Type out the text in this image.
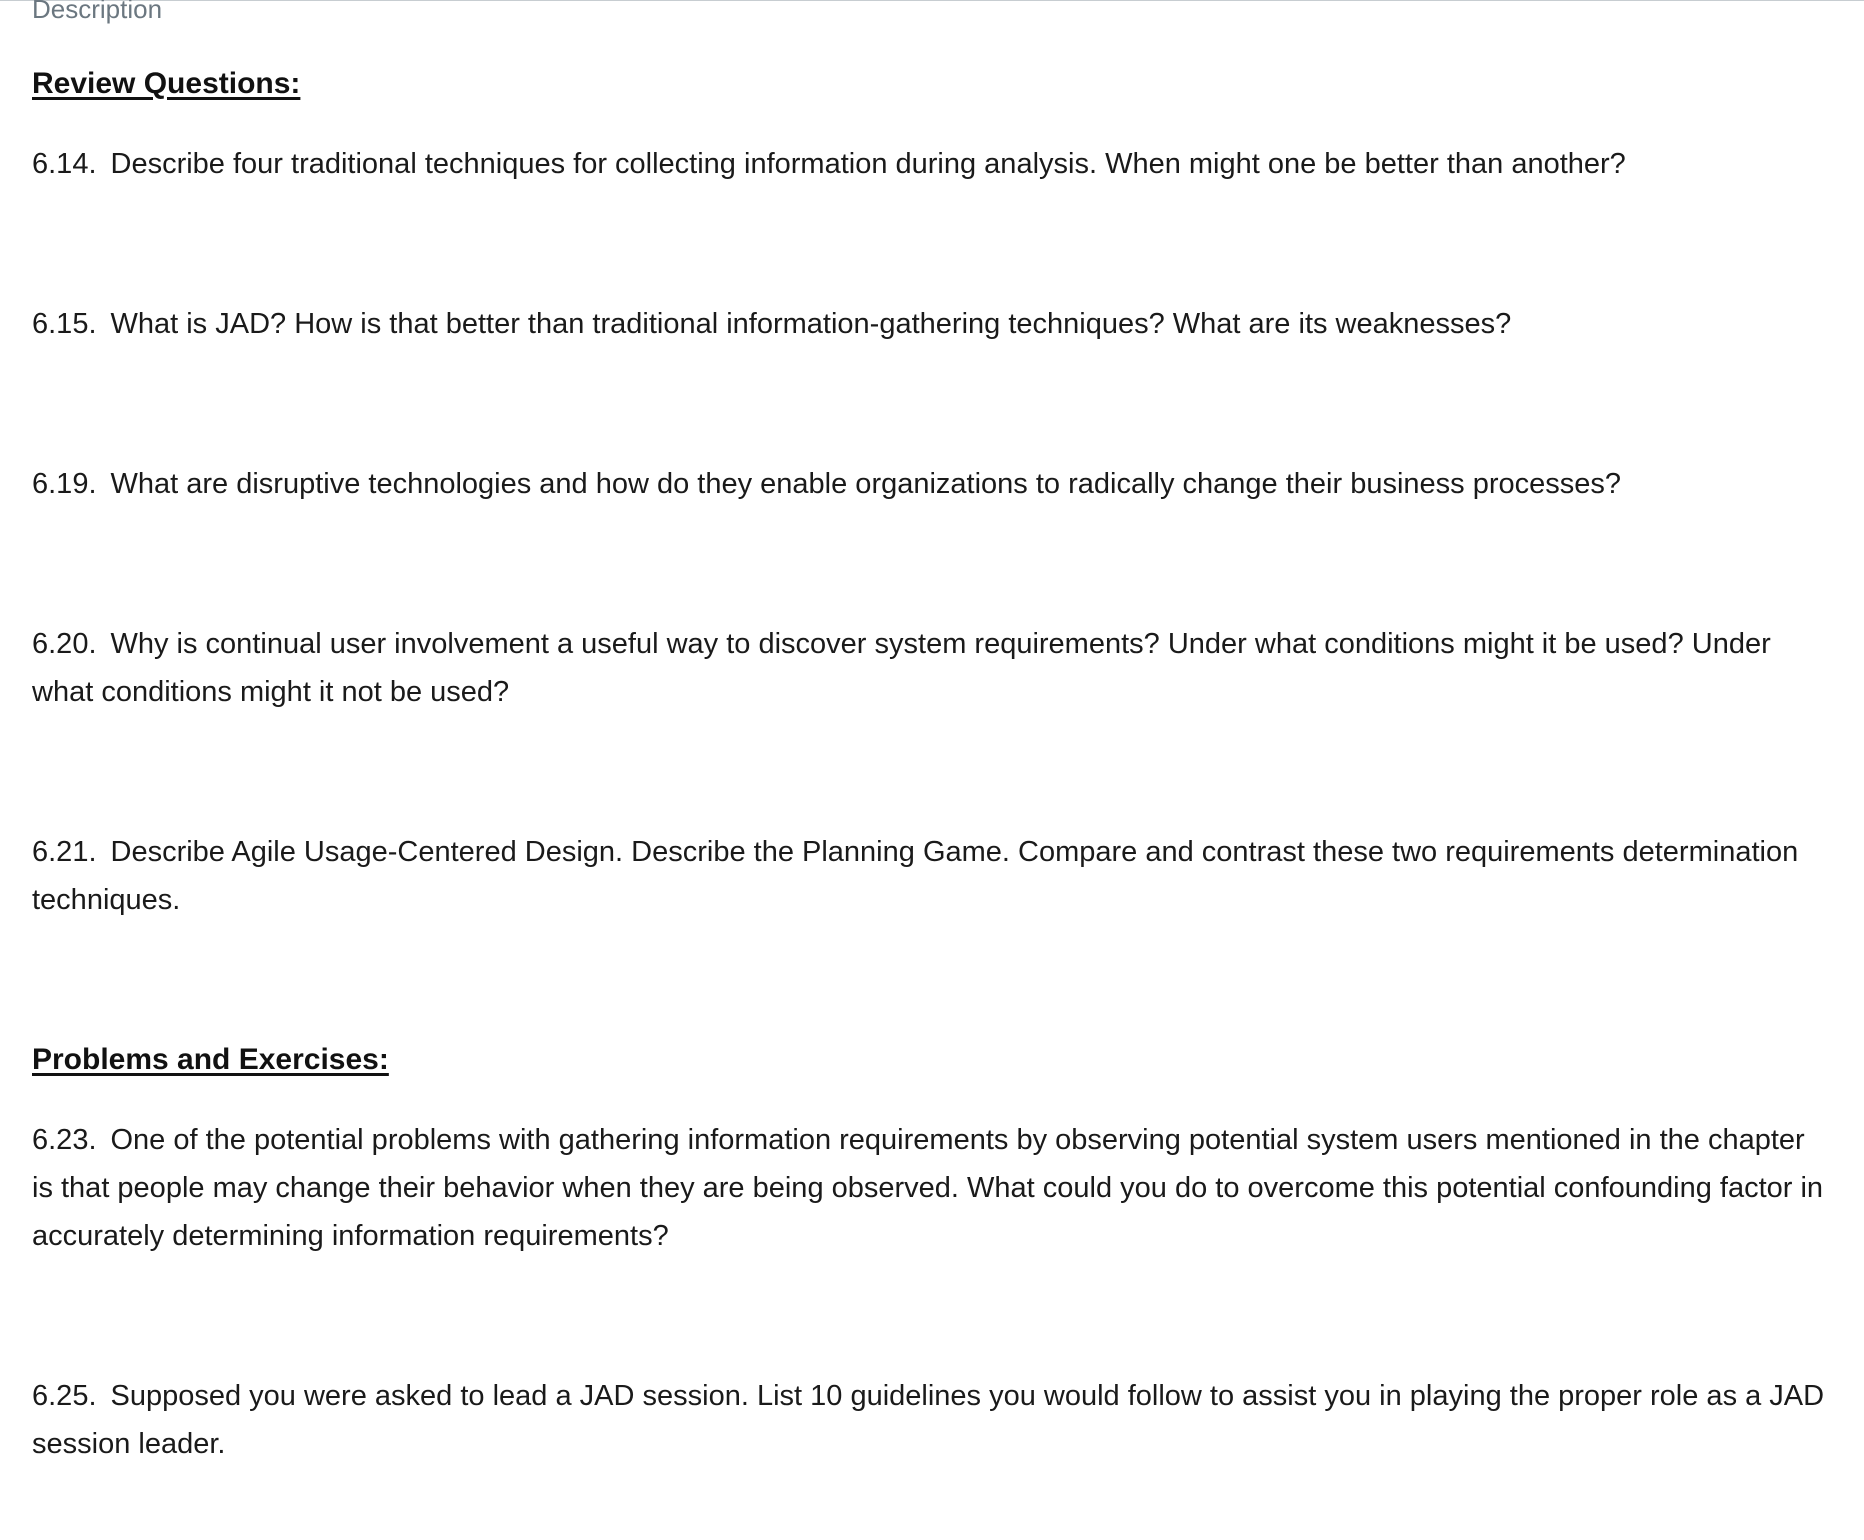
Description
Review Questions:

6.14. Describe four traditional techniques for collecting information during analysis. When might one be better than another?

6.15. What is JAD? How is that better than traditional information-gathering techniques? What are its weaknesses?

6.19. What are disruptive technologies and how do they enable organizations to radically change their business processes?

6.20. Why is continual user involvement a useful way to discover system requirements? Under what conditions might it be used? Under what conditions might it not be used?

6.21. Describe Agile Usage-Centered Design. Describe the Planning Game. Compare and contrast these two requirements determination techniques.

Problems and Exercises:

6.23. One of the potential problems with gathering information requirements by observing potential system users mentioned in the chapter is that people may change their behavior when they are being observed. What could you do to overcome this potential confounding factor in accurately determining information requirements?

6.25. Supposed you were asked to lead a JAD session. List 10 guidelines you would follow to assist you in playing the proper role as a JAD session leader.
